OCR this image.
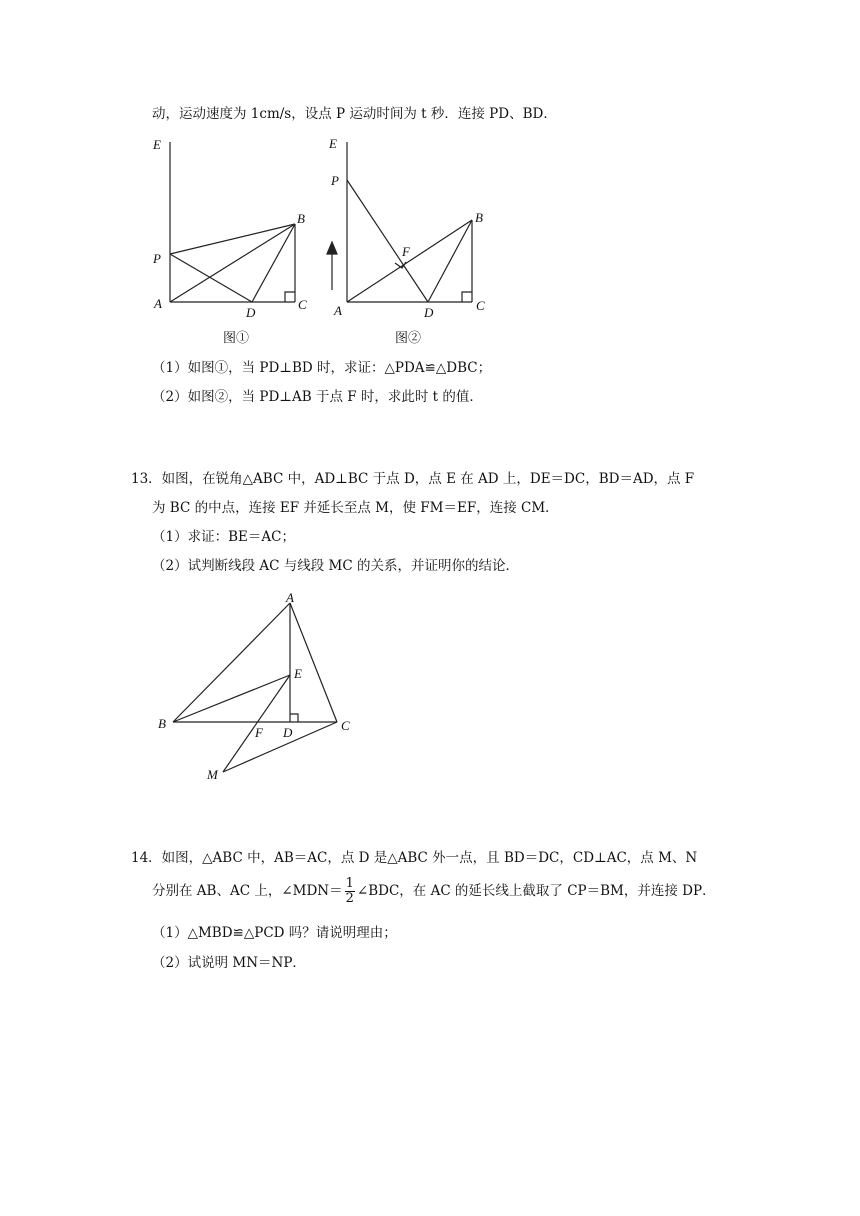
动，运动速度为 1cm/s，设点 P 运动时间为 t 秒．连接 PD、BD．
E
P
A
D
C
B
图①
E
P
A	D	C
B
F
图②
（1）如图①，当 PD⊥BD 时，求证：△PDA≌△DBC；
（2）如图②，当 PD⊥AB 于点 F 时，求此时 t 的值．
13．如图，在锐角△ABC 中，AD⊥BC 于点 D，点 E 在 AD 上，DE＝DC，BD＝AD，点 F
为 BC 的中点，连接 EF 并延长至点 M，使 FM＝EF，连接 CM．
（1）求证：BE＝AC；
（2）试判断线段 AC 与线段 MC 的关系，并证明你的结论．
A
E
B
F D	C
M
14．如图，△ABC 中，AB＝AC，点 D 是△ABC 外一点，且 BD＝DC，CD⊥AC，点 M、N
分别在 AB、AC 上，∠MDN＝ $\frac{1}{2}$ ∠BDC，在 AC 的延长线上截取了 CP＝BM，并连接 DP．
（1）△MBD≌△PCD 吗？请说明理由；
（2）试说明 MN＝NP．
